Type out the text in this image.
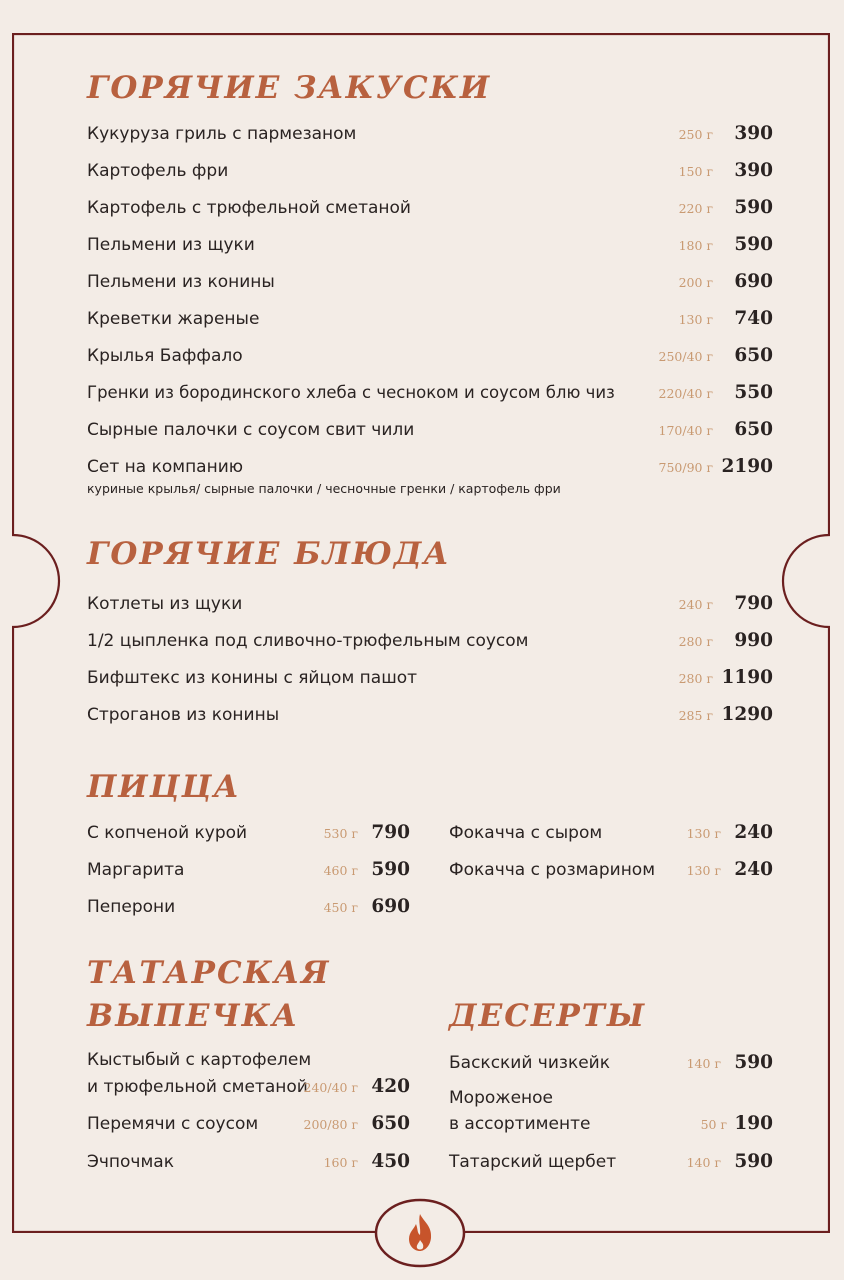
ГОРЯЧИЕ ЗАКУСКИ
Кукуруза гриль с пармезаном	250 г 390
Картофель фри	150 г 390
Картофель с трюфельной сметаной	220 г 590
Пельмени из щуки	180 г 590
Пельмени из конины	200 г 690
Креветки жареные	130 г 740
Крылья Баффало	250/40 г 650
Гренки из бородинского хлеба с чесноком и соусом блю чиз	220/40 г 550
Сырные палочки с соусом свит чили	170/40 г 650
Сет на компанию	750/90 г 2190
куриные крылья/ сырные палочки / чесночные гренки / картофель фри
ГОРЯЧИЕ БЛЮДА
Котлеты из щуки	240 г 790
1/2 цыпленка под сливочно-трюфельным соусом	280 г 990
Бифштекс из конины с яйцом пашот	280 г 1190
Строганов из конины	285 г 1290
ПИЦЦА
С копченой курой	530 г 790
Маргарита	460 г 590
Пеперони	450 г 690
Фокачча с сыром	130 г 240
Фокачча с розмарином	130 г 240
ТАТАРСКАЯ
ВЫПЕЧКА
Кыстыбый с картофелем
и трюфельной сметаной
240/40 г 420
Перемячи с соусом	200/80 г 650
Эчпочмак	160 г 450
ДЕСЕРТЫ
Баскский чизкейк	140 г 590
Мороженое
в ассортименте	50 г 190
Татарский щербет	140 г 590
